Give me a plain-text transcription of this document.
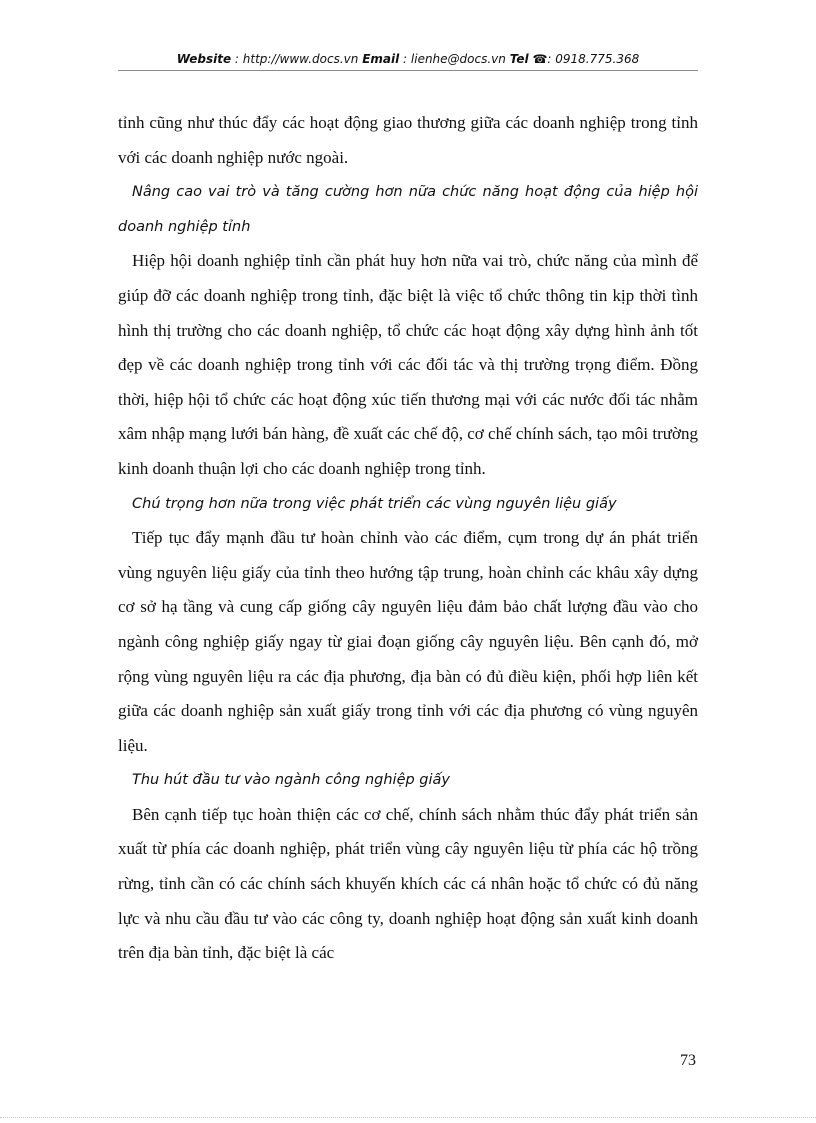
Website : http://www.docs.vn Email : lienhe@docs.vn Tel ☎: 0918.775.368

tỉnh cũng như thúc đẩy các hoạt động giao thương giữa các doanh nghiệp trong tỉnh với các doanh nghiệp nước ngoài.

Nâng cao vai trò và tăng cường hơn nữa chức năng hoạt động của hiệp hội doanh nghiệp tỉnh

Hiệp hội doanh nghiệp tỉnh cần phát huy hơn nữa vai trò, chức năng của mình để giúp đỡ các doanh nghiệp trong tỉnh, đặc biệt là việc tổ chức thông tin kịp thời tình hình thị trường cho các doanh nghiệp, tổ chức các hoạt động xây dựng hình ảnh tốt đẹp về các doanh nghiệp trong tỉnh với các đối tác và thị trường trọng điểm. Đồng thời, hiệp hội tổ chức các hoạt động xúc tiến thương mại với các nước đối tác nhằm xâm nhập mạng lưới bán hàng, đề xuất các chế độ, cơ chế chính sách, tạo môi trường kinh doanh thuận lợi cho các doanh nghiệp trong tỉnh.

Chú trọng hơn nữa trong việc phát triển các vùng nguyên liệu giấy

Tiếp tục đẩy mạnh đầu tư hoàn chỉnh vào các điểm, cụm trong dự án phát triển vùng nguyên liệu giấy của tỉnh theo hướng tập trung, hoàn chỉnh các khâu xây dựng cơ sở hạ tầng và cung cấp giống cây nguyên liệu đảm bảo chất lượng đầu vào cho ngành công nghiệp giấy ngay từ giai đoạn giống cây nguyên liệu. Bên cạnh đó, mở rộng vùng nguyên liệu ra các địa phương, địa bàn có đủ điều kiện, phối hợp liên kết giữa các doanh nghiệp sản xuất giấy trong tỉnh với các địa phương có vùng nguyên liệu.

Thu hút đầu tư vào ngành công nghiệp giấy

Bên cạnh tiếp tục hoàn thiện các cơ chế, chính sách nhằm thúc đẩy phát triển sản xuất từ phía các doanh nghiệp, phát triển vùng cây nguyên liệu từ phía các hộ trồng rừng, tỉnh cần có các chính sách khuyến khích các cá nhân hoặc tổ chức có đủ năng lực và nhu cầu đầu tư vào các công ty, doanh nghiệp hoạt động sản xuất kinh doanh trên địa bàn tỉnh, đặc biệt là các

73
